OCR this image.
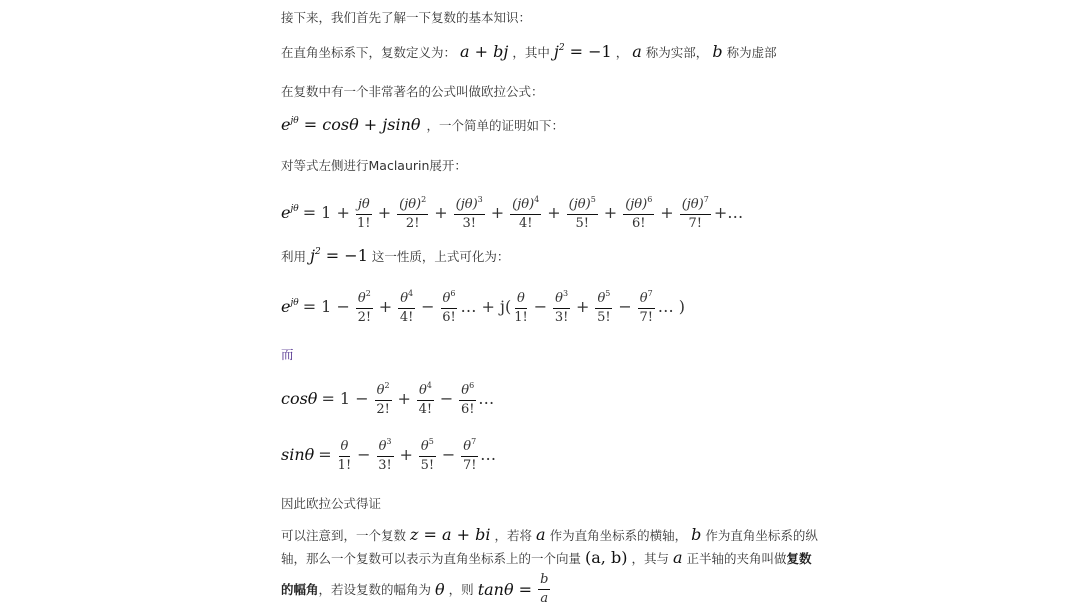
接下来，我们首先了解一下复数的基本知识：
在直角坐标系下，复数定义为： a + bj ，其中 $j^2 = -1$ ， a 称为实部， b 称为虚部
在复数中有一个非常著名的公式叫做欧拉公式：
$e^{j\theta} = \cos\theta + jsin\theta$ ，一个简单的证明如下：
对等式左侧进行Maclaurin展开：
$e^{j\theta} = 1 + \frac{j\theta}{1!} + \frac{(j\theta)^2}{2!} + \frac{(j\theta)^3}{3!} + \frac{(j\theta)^4}{4!} + \frac{(j\theta)^5}{5!} + \frac{(j\theta)^6}{6!} + \frac{(j\theta)^7}{7!}$ +…
利用 $j^2 = -1$ 这一性质，上式可化为：
$e^{j\theta} = 1 - \frac{\theta^2}{2!} + \frac{\theta^4}{4!} - \frac{\theta^6}{6!}$ … + $j( \frac{\theta}{1!} - \frac{\theta^3}{3!} + \frac{\theta^5}{5!} - \frac{\theta^7}{7!}$ … )
而
$\cos\theta = 1 - \frac{\theta^2}{2!} + \frac{\theta^4}{4!} - \frac{\theta^6}{6!}$ …
$\sin\theta = \frac{\theta}{1!} - \frac{\theta^3}{3!} + \frac{\theta^5}{5!} - \frac{\theta^7}{7!}$ …
因此欧拉公式得证
可以注意到，一个复数 z = a + bi ，若将 a 作为直角坐标系的横轴， b 作为直角坐标系的纵
轴，那么一个复数可以表示为直角坐标系上的一个向量 (a, b) ，其与 a 正半轴的夹角叫做复数
的幅角 ，若设复数的幅角为 θ ，则 $\tan\theta = \frac{b}{a}$
